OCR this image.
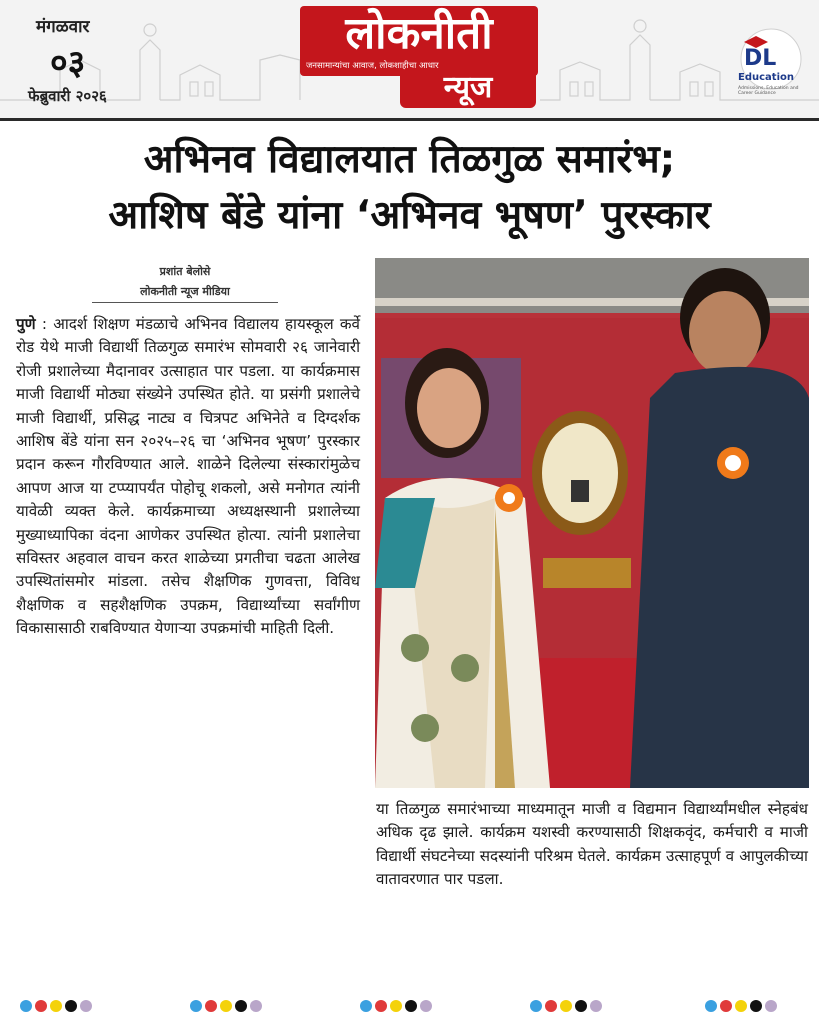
मंगळवार
०३
फेब्रुवारी २०२६
लोकनीती
जनसामान्यांचा आवाज, लोकशाहीचा आधार
न्यूज
DL
Education
Admissions, Education and Career Guidance
अभिनव विद्यालयात तिळगुळ समारंभ;
आशिष बेंडे यांना ‘अभिनव भूषण’ पुरस्कार
प्रशांत बेलोसे
लोकनीती न्यूज मीडिया
पुणे : आदर्श शिक्षण मंडळाचे अभिनव विद्यालय हायस्कूल कर्वे रोड येथे माजी विद्यार्थी तिळगुळ समारंभ सोमवारी २६ जानेवारी रोजी प्रशालेच्या मैदानावर उत्साहात पार पडला. या कार्यक्रमास माजी विद्यार्थी मोठ्या संख्येने उपस्थित होते. या प्रसंगी प्रशालेचे माजी विद्यार्थी, प्रसिद्ध नाट्य व चित्रपट अभिनेते व दिग्दर्शक आशिष बेंडे यांना सन २०२५–२६ चा ‘अभिनव भूषण’ पुरस्कार प्रदान करून गौरविण्यात आले. शाळेने दिलेल्या संस्कारांमुळेच आपण आज या टप्प्यापर्यंत पोहोचू शकलो, असे मनोगत त्यांनी यावेळी व्यक्त केले. कार्यक्रमाच्या अध्यक्षस्थानी प्रशालेच्या मुख्याध्यापिका वंदना आणेकर उपस्थित होत्या. त्यांनी प्रशालेचा सविस्तर अहवाल वाचन करत शाळेच्या प्रगतीचा चढता आलेख उपस्थितांसमोर मांडला. तसेच शैक्षणिक गुणवत्ता, विविध शैक्षणिक व सहशैक्षणिक उपक्रम, विद्यार्थ्यांच्या सर्वांगीण विकासासाठी राबविण्यात येणाऱ्या उपक्रमांची माहिती दिली.
या तिळगुळ समारंभाच्या माध्यमातून माजी व विद्यमान विद्यार्थ्यांमधील स्नेहबंध अधिक दृढ झाले. कार्यक्रम यशस्वी करण्यासाठी शिक्षकवृंद, कर्मचारी व माजी विद्यार्थी संघटनेच्या सदस्यांनी परिश्रम घेतले. कार्यक्रम उत्साहपूर्ण व आपुलकीच्या वातावरणात पार पडला.
